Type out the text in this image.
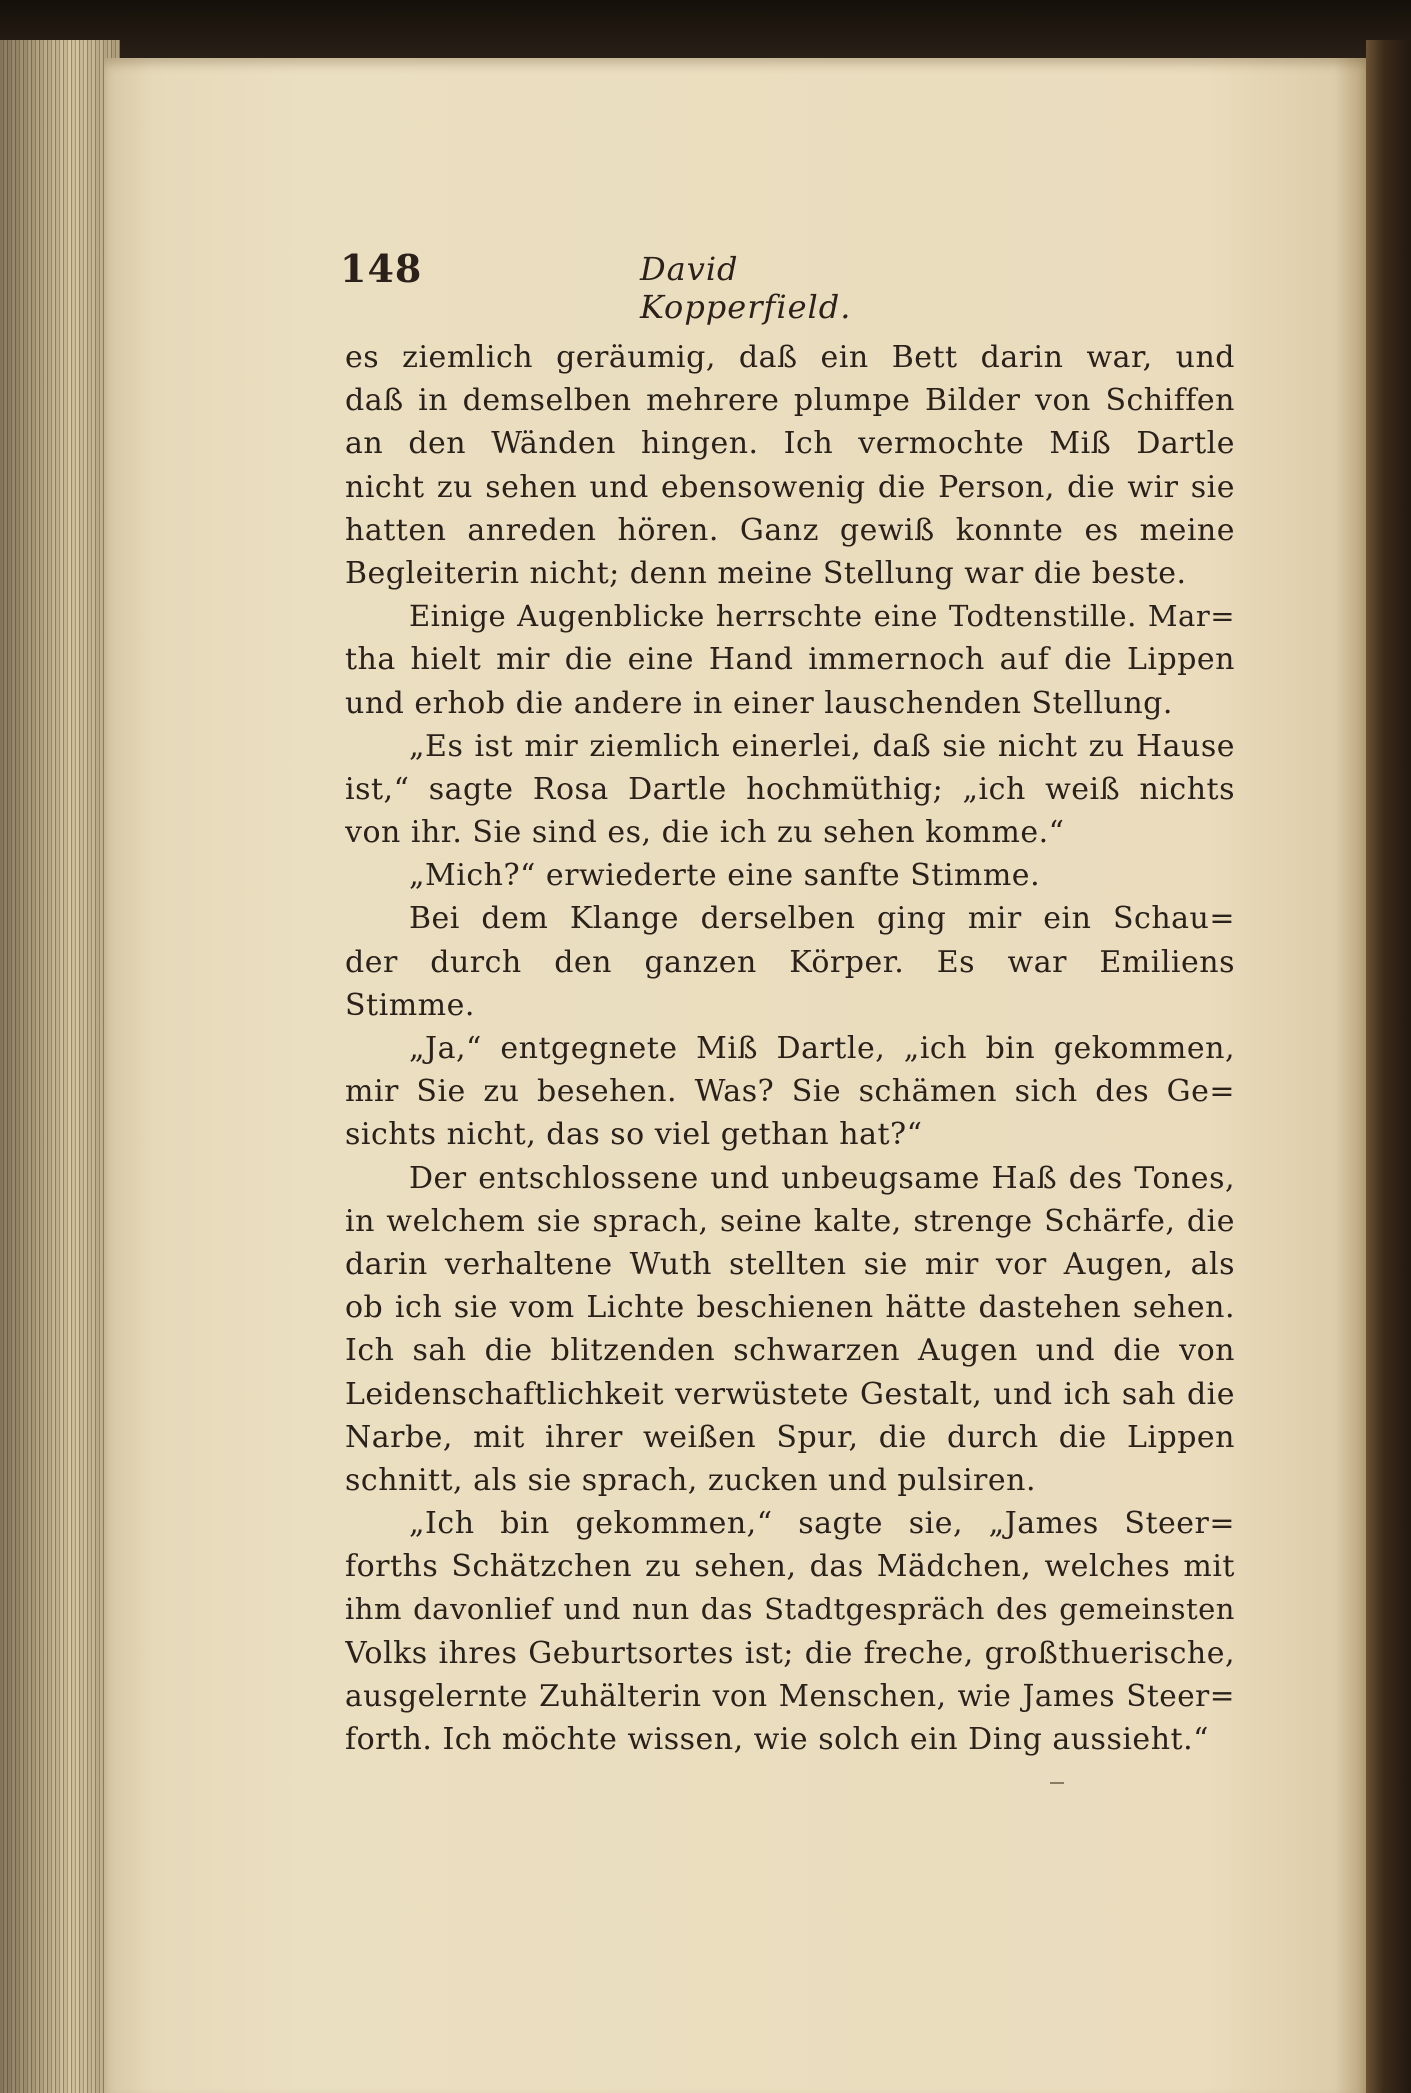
148	David Kopperfield.
es ziemlich geräumig, daß ein Bett darin war, und
daß in demselben mehrere plumpe Bilder von Schiffen
an den Wänden hingen. Ich vermochte Miß Dartle
nicht zu sehen und ebensowenig die Person, die wir sie
hatten anreden hören. Ganz gewiß konnte es meine
Begleiterin nicht; denn meine Stellung war die beste.
Einige Augenblicke herrschte eine Todtenstille. Mar=
tha hielt mir die eine Hand immernoch auf die Lippen
und erhob die andere in einer lauschenden Stellung.
„Es ist mir ziemlich einerlei, daß sie nicht zu Hause
ist,“ sagte Rosa Dartle hochmüthig; „ich weiß nichts
von ihr. Sie sind es, die ich zu sehen komme.“
„Mich?“ erwiederte eine sanfte Stimme.
Bei dem Klange derselben ging mir ein Schau=
der durch den ganzen Körper. Es war Emiliens
Stimme.
„Ja,“ entgegnete Miß Dartle, „ich bin gekommen,
mir Sie zu besehen. Was? Sie schämen sich des Ge=
sichts nicht, das so viel gethan hat?“
Der entschlossene und unbeugsame Haß des Tones,
in welchem sie sprach, seine kalte, strenge Schärfe, die
darin verhaltene Wuth stellten sie mir vor Augen, als
ob ich sie vom Lichte beschienen hätte dastehen sehen.
Ich sah die blitzenden schwarzen Augen und die von
Leidenschaftlichkeit verwüstete Gestalt, und ich sah die
Narbe, mit ihrer weißen Spur, die durch die Lippen
schnitt, als sie sprach, zucken und pulsiren.
„Ich bin gekommen,“ sagte sie, „James Steer=
forths Schätzchen zu sehen, das Mädchen, welches mit
ihm davonlief und nun das Stadtgespräch des gemeinsten
Volks ihres Geburtsortes ist; die freche, großthuerische,
ausgelernte Zuhälterin von Menschen, wie James Steer=
forth. Ich möchte wissen, wie solch ein Ding aussieht.“
